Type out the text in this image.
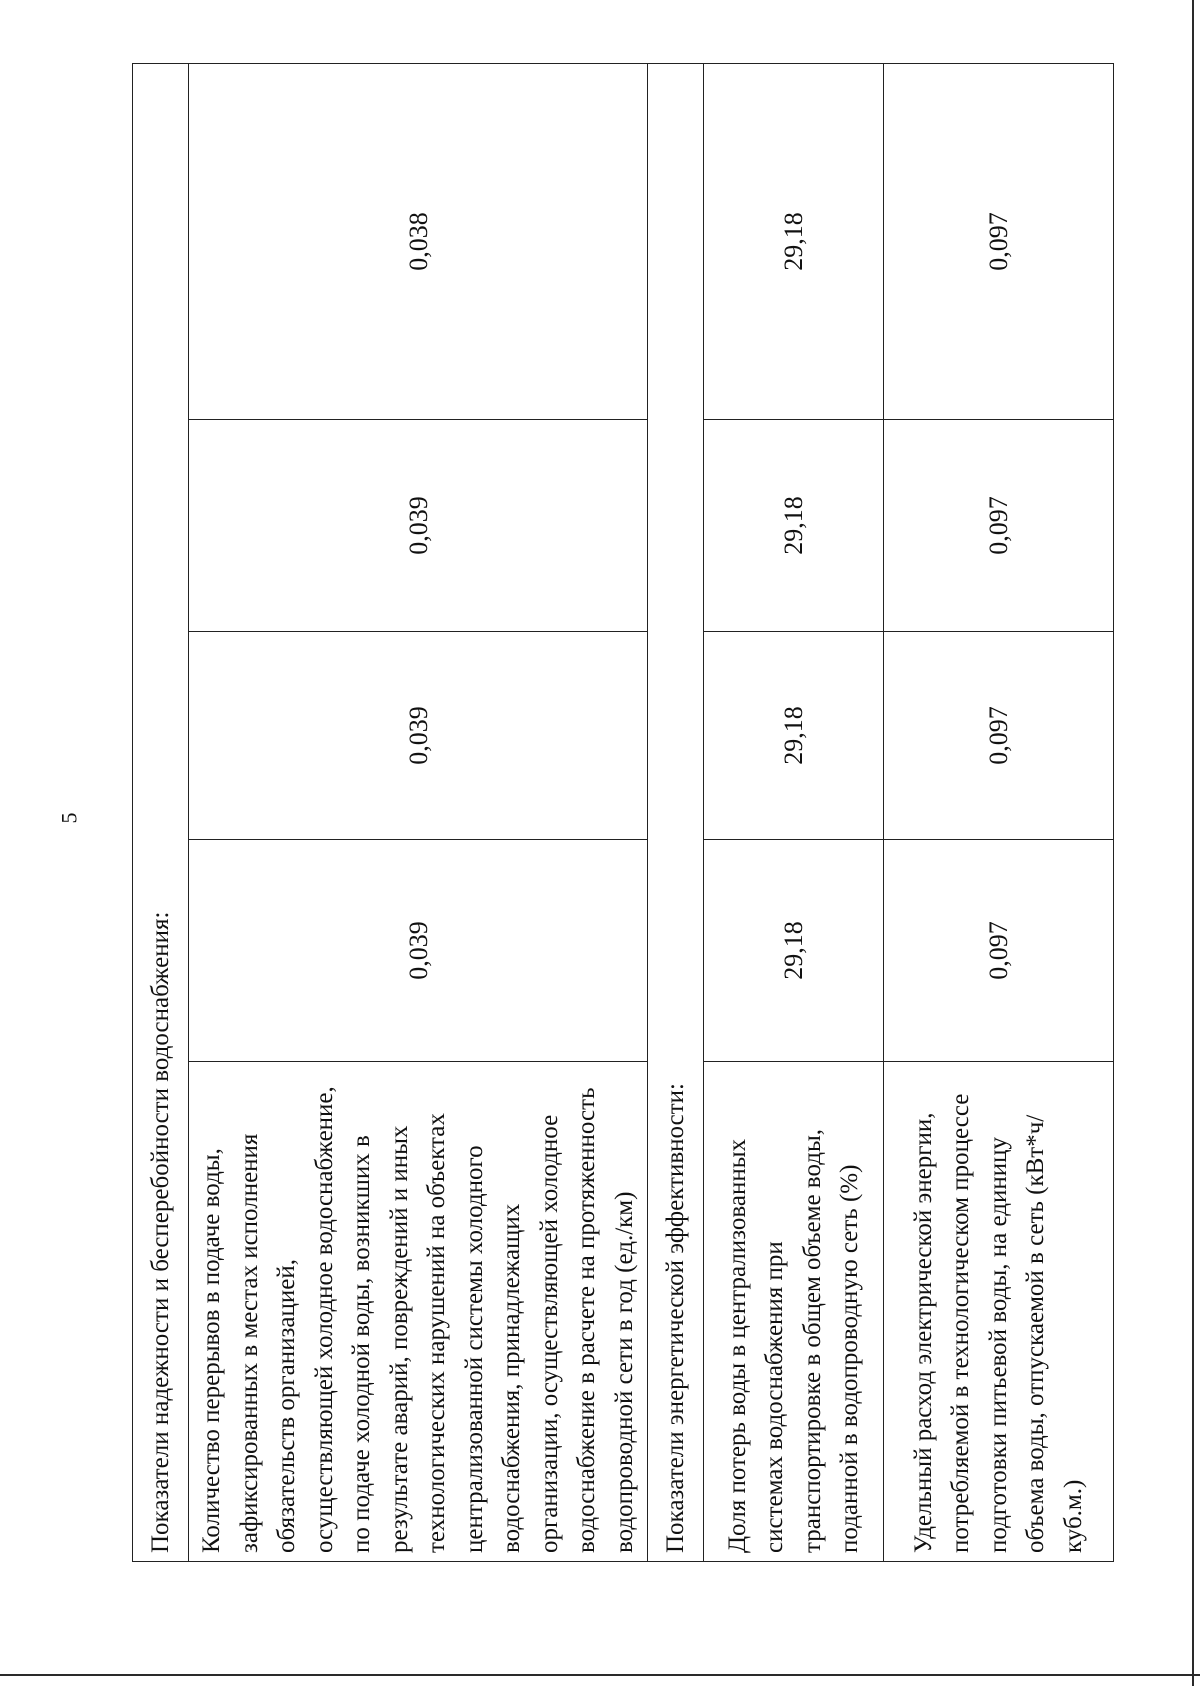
5
Показатели надежности и бесперебойности водоснабжения:				
Количество перерывов в подаче воды, зафиксированных в местах исполнения обязательств организацией, осуществляющей холодное водоснабжение, по подаче холодной воды, возникших в результате аварий, повреждений и иных технологических нарушений на объектах централизованной системы холодного водоснабжения, принадлежащих организации, осуществляющей холодное водоснабжение в расчете на протяженность водопроводной сети в год (ед./км)	0,039	0,039	0,039	0,038
Показатели энергетической эффективности:				
Доля потерь воды в централизованных системах водоснабжения при транспортировке в общем объеме воды, поданной в водопроводную сеть (%)	29,18	29,18	29,18	29,18
Удельный расход электрической энергии, потребляемой в технологическом процессе подготовки питьевой воды, на единицу объема воды, отпускаемой в сеть (кВт*ч/куб.м.)	0,097	0,097	0,097	0,097
